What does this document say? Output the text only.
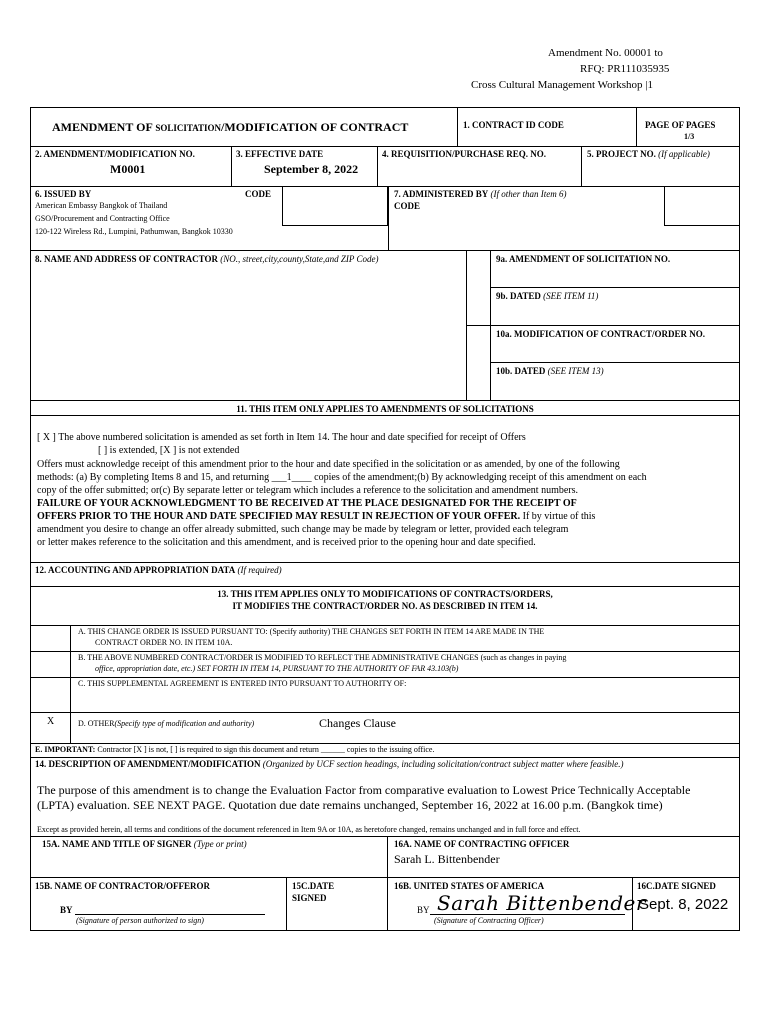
Amendment No. 00001 to
RFQ: PR111035935
Cross Cultural Management Workshop |1
AMENDMENT OF SOLICITATION/MODIFICATION OF CONTRACT	1. CONTRACT ID CODE	PAGE OF PAGES
1/3
2. AMENDMENT/MODIFICATION NO.
M0001
3. EFFECTIVE DATE
September 8, 2022
4. REQUISITION/PURCHASE REQ. NO.	5. PROJECT NO. (If applicable)
6. ISSUED BY	CODE
American Embassy Bangkok of Thailand
GSO/Procurement and Contracting Office
120-122 Wireless Rd., Lumpini, Pathumwan, Bangkok 10330
7. ADMINISTERED BY (If other than Item 6)
CODE
8. NAME AND ADDRESS OF CONTRACTOR (NO., street,city,county,State,and ZIP Code)	9a. AMENDMENT OF SOLICITATION NO.
9b. DATED (SEE ITEM 11)
10a. MODIFICATION OF CONTRACT/ORDER NO.
10b. DATED (SEE ITEM 13)
11. THIS ITEM ONLY APPLIES TO AMENDMENTS OF SOLICITATIONS
[ X ] The above numbered solicitation is amended as set forth in Item 14. The hour and date specified for receipt of Offers
[ ] is extended, [X ] is not extended
Offers must acknowledge receipt of this amendment prior to the hour and date specified in the solicitation or as amended, by one of the following
methods: (a) By completing Items 8 and 15, and returning ___1____ copies of the amendment;(b) By acknowledging receipt of this amendment on each
copy of the offer submitted; or(c) By separate letter or telegram which includes a reference to the solicitation and amendment numbers.
FAILURE OF YOUR ACKNOWLEDGMENT TO BE RECEIVED AT THE PLACE DESIGNATED FOR THE RECEIPT OF
OFFERS PRIOR TO THE HOUR AND DATE SPECIFIED MAY RESULT IN REJECTION OF YOUR OFFER. If by virtue of this
amendment you desire to change an offer already submitted, such change may be made by telegram or letter, provided each telegram
or letter makes reference to the solicitation and this amendment, and is received prior to the opening hour and date specified.
12. ACCOUNTING AND APPROPRIATION DATA (If required)
13. THIS ITEM APPLIES ONLY TO MODIFICATIONS OF CONTRACTS/ORDERS,
IT MODIFIES THE CONTRACT/ORDER NO. AS DESCRIBED IN ITEM 14.
A. THIS CHANGE ORDER IS ISSUED PURSUANT TO: (Specify authority) THE CHANGES SET FORTH IN ITEM 14 ARE MADE IN THE
CONTRACT ORDER NO. IN ITEM 10A.
B. THE ABOVE NUMBERED CONTRACT/ORDER IS MODIFIED TO REFLECT THE ADMINISTRATIVE CHANGES (such as changes in paying
office, appropriation date, etc.) SET FORTH IN ITEM 14, PURSUANT TO THE AUTHORITY OF FAR 43.103(b)
C. THIS SUPPLEMENTAL AGREEMENT IS ENTERED INTO PURSUANT TO AUTHORITY OF:
X	D. OTHER(Specify type of modification and authority)	Changes Clause
E. IMPORTANT: Contractor [X ] is not, [ ] is required to sign this document and return ______ copies to the issuing office.
14. DESCRIPTION OF AMENDMENT/MODIFICATION (Organized by UCF section headings, including solicitation/contract subject matter where feasible.)
The purpose of this amendment is to change the Evaluation Factor from comparative evaluation to Lowest Price Technically Acceptable
(LPTA) evaluation. SEE NEXT PAGE. Quotation due date remains unchanged, September 16, 2022 at 16.00 p.m. (Bangkok time)
Except as provided herein, all terms and conditions of the document referenced in Item 9A or 10A, as heretofore changed, remains unchanged and in full force and effect.
15A. NAME AND TITLE OF SIGNER (Type or print)	16A. NAME OF CONTRACTING OFFICER
Sarah L. Bittenbender
15B. NAME OF CONTRACTOR/OFFEROR
BY
(Signature of person authorized to sign)
15C.DATE
SIGNED
16B. UNITED STATES OF AMERICA
BY Sarah Bittenbender
(Signature of Contracting Officer)
16C.DATE SIGNED
Sept. 8, 2022
